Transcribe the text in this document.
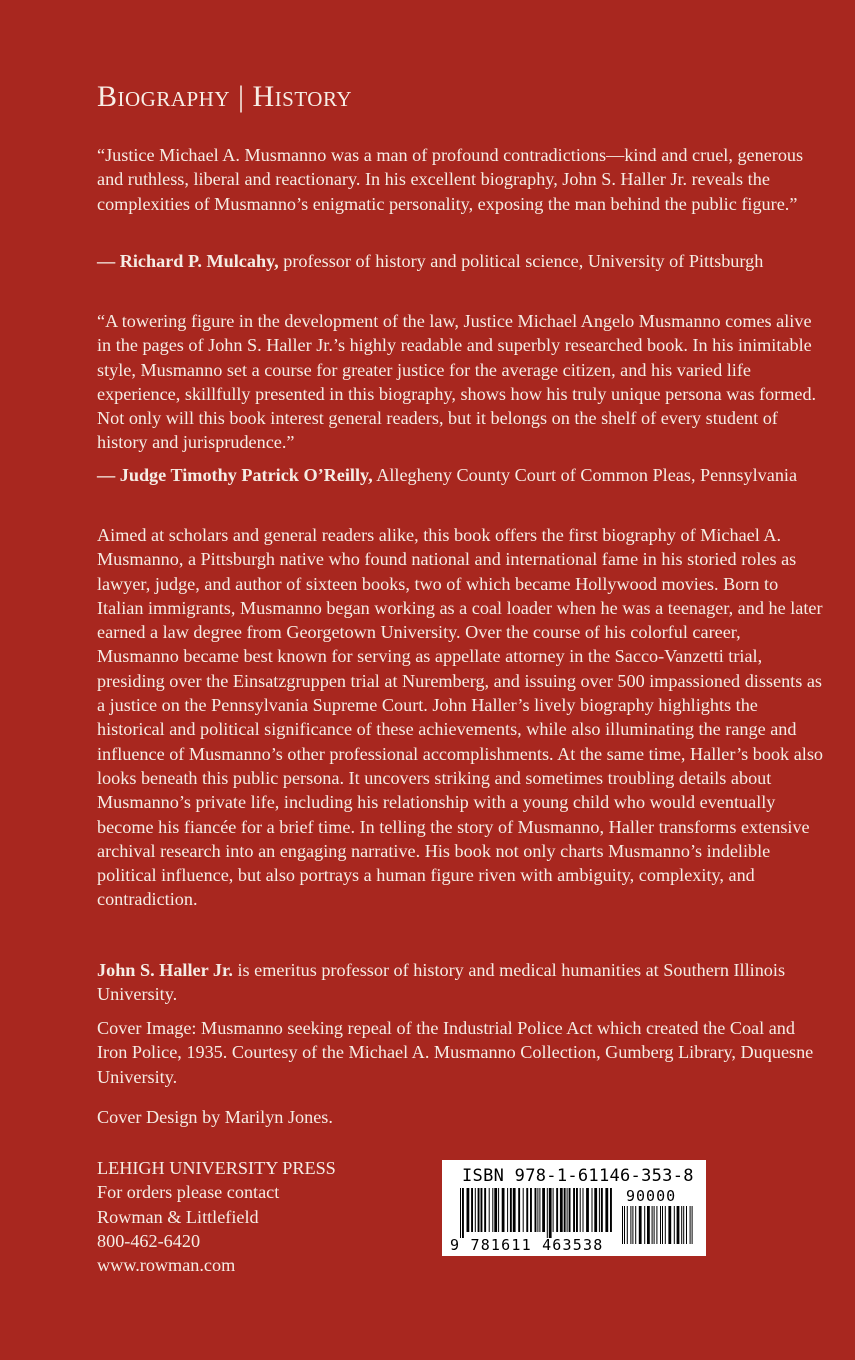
Biography | History

“Justice Michael A. Musmanno was a man of profound contradictions—kind and cruel, generous and ruthless, liberal and reactionary. In his excellent biography, John S. Haller Jr. reveals the complexities of Musmanno’s enigmatic personality, exposing the man behind the public figure.”

— Richard P. Mulcahy, professor of history and political science, University of Pittsburgh

“A towering figure in the development of the law, Justice Michael Angelo Musmanno comes alive in the pages of John S. Haller Jr.’s highly readable and superbly researched book. In his inimitable style, Musmanno set a course for greater justice for the average citizen, and his varied life experience, skillfully presented in this biography, shows how his truly unique persona was formed. Not only will this book interest general readers, but it belongs on the shelf of every student of history and jurisprudence.”

— Judge Timothy Patrick O’Reilly, Allegheny County Court of Common Pleas, Pennsylvania

Aimed at scholars and general readers alike, this book offers the first biography of Michael A. Musmanno, a Pittsburgh native who found national and international fame in his storied roles as lawyer, judge, and author of sixteen books, two of which became Hollywood movies. Born to Italian immigrants, Musmanno began working as a coal loader when he was a teenager, and he later earned a law degree from Georgetown University. Over the course of his colorful career, Musmanno became best known for serving as appellate attorney in the Sacco-Vanzetti trial, presiding over the Einsatzgruppen trial at Nuremberg, and issuing over 500 impassioned dissents as a justice on the Pennsylvania Supreme Court. John Haller’s lively biography highlights the historical and political significance of these achievements, while also illuminating the range and influence of Musmanno’s other professional accomplishments. At the same time, Haller’s book also looks beneath this public persona. It uncovers striking and sometimes troubling details about Musmanno’s private life, including his relationship with a young child who would eventually become his fiancée for a brief time. In telling the story of Musmanno, Haller transforms extensive archival research into an engaging narrative. His book not only charts Musmanno’s indelible political influence, but also portrays a human figure riven with ambiguity, complexity, and contradiction.

John S. Haller Jr. is emeritus professor of history and medical humanities at Southern Illinois University.

Cover Image: Musmanno seeking repeal of the Industrial Police Act which created the Coal and Iron Police, 1935. Courtesy of the Michael A. Musmanno Collection, Gumberg Library, Duquesne University.

Cover Design by Marilyn Jones.

LEHIGH UNIVERSITY PRESS
For orders please contact
Rowman & Littlefield
800-462-6420
www.rowman.com
ISBN 978-1-61146-353-8
9 781611 463538
90000
